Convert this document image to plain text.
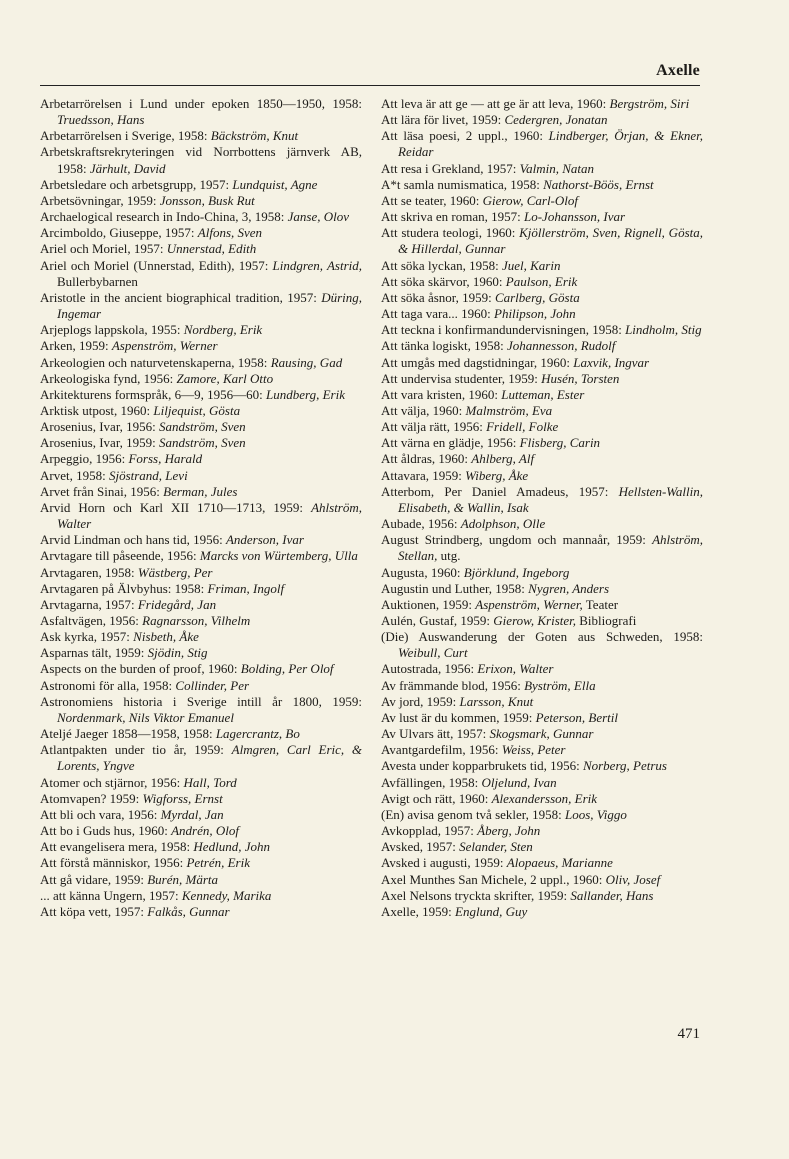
Axelle

Arbetarrörelsen i Lund under epoken 1850—1950, 1958: Truedsson, Hans

Arbetarrörelsen i Sverige, 1958: Bäckström, Knut

Arbetskraftsrekryteringen vid Norrbottens järnverk AB, 1958: Järhult, David

Arbetsledare och arbetsgrupp, 1957: Lundquist, Agne

Arbetsövningar, 1959: Jonsson, Busk Rut

Archaelogical research in Indo-China, 3, 1958: Janse, Olov

Arcimboldo, Giuseppe, 1957: Alfons, Sven

Ariel och Moriel, 1957: Unnerstad, Edith

Ariel och Moriel (Unnerstad, Edith), 1957: Lindgren, Astrid, Bullerbybarnen

Aristotle in the ancient biographical tradition, 1957: Düring, Ingemar

Arjeplogs lappskola, 1955: Nordberg, Erik

Arken, 1959: Aspenström, Werner

Arkeologien och naturvetenskaperna, 1958: Rausing, Gad

Arkeologiska fynd, 1956: Zamore, Karl Otto

Arkitekturens formspråk, 6—9, 1956—60: Lundberg, Erik

Arktisk utpost, 1960: Liljequist, Gösta

Arosenius, Ivar, 1956: Sandström, Sven

Arosenius, Ivar, 1959: Sandström, Sven

Arpeggio, 1956: Forss, Harald

Arvet, 1958: Sjöstrand, Levi

Arvet från Sinai, 1956: Berman, Jules

Arvid Horn och Karl XII 1710—1713, 1959: Ahlström, Walter

Arvid Lindman och hans tid, 1956: Anderson, Ivar

Arvtagare till påseende, 1956: Marcks von Würtemberg, Ulla

Arvtagaren, 1958: Wästberg, Per

Arvtagaren på Älvbyhus: 1958: Friman, Ingolf

Arvtagarna, 1957: Fridegård, Jan

Asfaltvägen, 1956: Ragnarsson, Vilhelm

Ask kyrka, 1957: Nisbeth, Åke

Asparnas tält, 1959: Sjödin, Stig

Aspects on the burden of proof, 1960: Bolding, Per Olof

Astronomi för alla, 1958: Collinder, Per

Astronomiens historia i Sverige intill år 1800, 1959: Nordenmark, Nils Viktor Emanuel

Ateljé Jaeger 1858—1958, 1958: Lagercrantz, Bo

Atlantpakten under tio år, 1959: Almgren, Carl Eric, & Lorents, Yngve

Atomer och stjärnor, 1956: Hall, Tord

Atomvapen? 1959: Wigforss, Ernst

Att bli och vara, 1956: Myrdal, Jan

Att bo i Guds hus, 1960: Andrén, Olof

Att evangelisera mera, 1958: Hedlund, John

Att förstå människor, 1956: Petrén, Erik

Att gå vidare, 1959: Burén, Märta

... att känna Ungern, 1957: Kennedy, Marika

Att köpa vett, 1957: Falkås, Gunnar

Att leva är att ge — att ge är att leva, 1960: Bergström, Siri

Att lära för livet, 1959: Cedergren, Jonatan

Att läsa poesi, 2 uppl., 1960: Lindberger, Örjan, & Ekner, Reidar

Att resa i Grekland, 1957: Valmin, Natan

A*t samla numismatica, 1958: Nathorst-Böös, Ernst

Att se teater, 1960: Gierow, Carl-Olof

Att skriva en roman, 1957: Lo-Johansson, Ivar

Att studera teologi, 1960: Kjöllerström, Sven, Rignell, Gösta, & Hillerdal, Gunnar

Att söka lyckan, 1958: Juel, Karin

Att söka skärvor, 1960: Paulson, Erik

Att söka åsnor, 1959: Carlberg, Gösta

Att taga vara... 1960: Philipson, John

Att teckna i konfirmandundervisningen, 1958: Lindholm, Stig

Att tänka logiskt, 1958: Johannesson, Rudolf

Att umgås med dagstidningar, 1960: Laxvik, Ingvar

Att undervisa studenter, 1959: Husén, Torsten

Att vara kristen, 1960: Lutteman, Ester

Att välja, 1960: Malmström, Eva

Att välja rätt, 1956: Fridell, Folke

Att värna en glädje, 1956: Flisberg, Carin

Att åldras, 1960: Ahlberg, Alf

Attavara, 1959: Wiberg, Åke

Atterbom, Per Daniel Amadeus, 1957: Hellsten-Wallin, Elisabeth, & Wallin, Isak

Aubade, 1956: Adolphson, Olle

August Strindberg, ungdom och mannaår, 1959: Ahlström, Stellan, utg.

Augusta, 1960: Björklund, Ingeborg

Augustin und Luther, 1958: Nygren, Anders

Auktionen, 1959: Aspenström, Werner, Teater

Aulén, Gustaf, 1959: Gierow, Krister, Bibliografi

(Die) Auswanderung der Goten aus Schweden, 1958: Weibull, Curt

Autostrada, 1956: Erixon, Walter

Av främmande blod, 1956: Byström, Ella

Av jord, 1959: Larsson, Knut

Av lust är du kommen, 1959: Peterson, Bertil

Av Ulvars ätt, 1957: Skogsmark, Gunnar

Avantgardefilm, 1956: Weiss, Peter

Avesta under kopparbrukets tid, 1956: Norberg, Petrus

Avfällingen, 1958: Oljelund, Ivan

Avigt och rätt, 1960: Alexandersson, Erik

(En) avisa genom två sekler, 1958: Loos, Viggo

Avkopplad, 1957: Åberg, John

Avsked, 1957: Selander, Sten

Avsked i augusti, 1959: Alopaeus, Marianne

Axel Munthes San Michele, 2 uppl., 1960: Oliv, Josef

Axel Nelsons tryckta skrifter, 1959: Sallander, Hans

Axelle, 1959: Englund, Guy

471
